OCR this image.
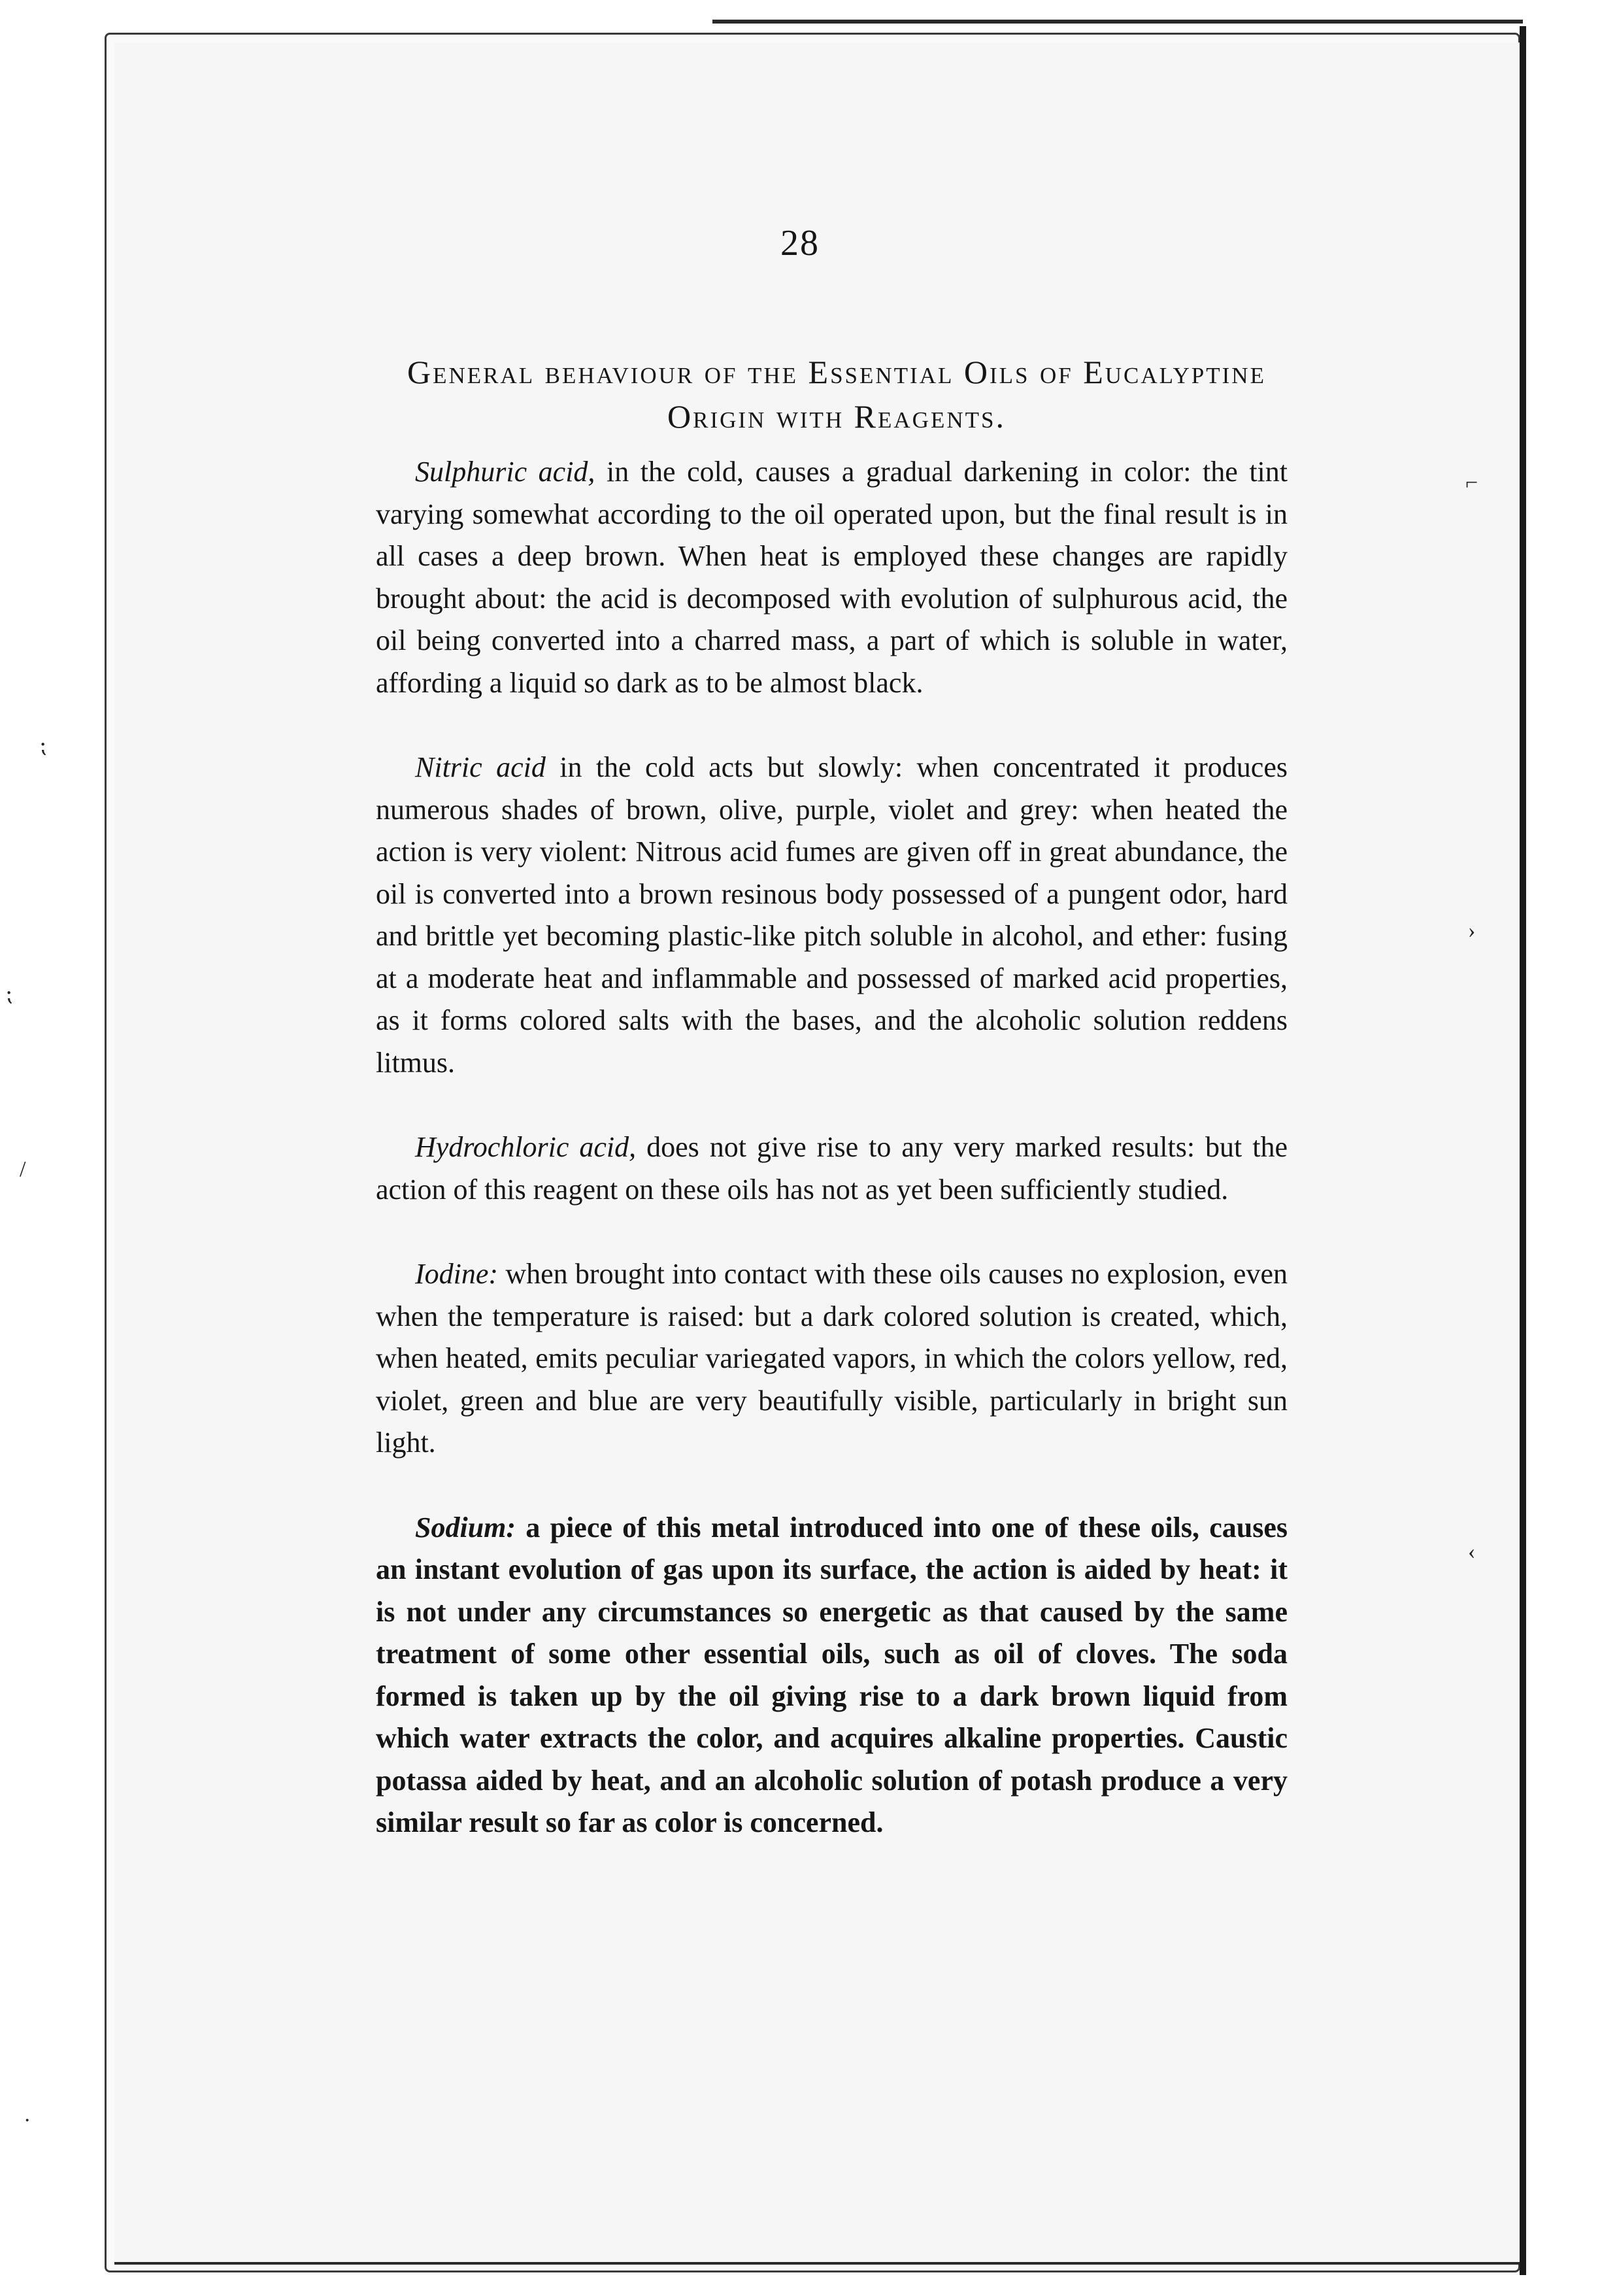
28
General behaviour of the Essential Oils of Eucalyptine Origin with Reagents.

Sulphuric acid, in the cold, causes a gradual darkening in color: the tint varying somewhat according to the oil operated upon, but the final result is in all cases a deep brown. When heat is employed these changes are rapidly brought about: the acid is decomposed with evolution of sulphurous acid, the oil being converted into a charred mass, a part of which is soluble in water, affording a liquid so dark as to be almost black.

Nitric acid in the cold acts but slowly: when concentrated it produces numerous shades of brown, olive, purple, violet and grey: when heated the action is very violent: Nitrous acid fumes are given off in great abundance, the oil is converted into a brown resinous body possessed of a pungent odor, hard and brittle yet becoming plastic-like pitch soluble in alcohol, and ether: fusing at a moderate heat and inflammable and possessed of marked acid properties, as it forms colored salts with the bases, and the alcoholic solution reddens litmus.

Hydrochloric acid, does not give rise to any very marked results: but the action of this reagent on these oils has not as yet been sufficiently studied.

Iodine: when brought into contact with these oils causes no explosion, even when the temperature is raised: but a dark colored solution is created, which, when heated, emits peculiar variegated vapors, in which the colors yellow, red, violet, green and blue are very beautifully visible, particularly in bright sun light.

Sodium: a piece of this metal introduced into one of these oils, causes an instant evolution of gas upon its surface, the action is aided by heat: it is not under any circumstances so energetic as that caused by the same treatment of some other essential oils, such as oil of cloves. The soda formed is taken up by the oil giving rise to a dark brown liquid from which water extracts the color, and acquires alkaline properties. Caustic potassa aided by heat, and an alcoholic solution of potash produce a very similar result so far as color is concerned.

⌐
›
‹
⁏
⁏
/
·
